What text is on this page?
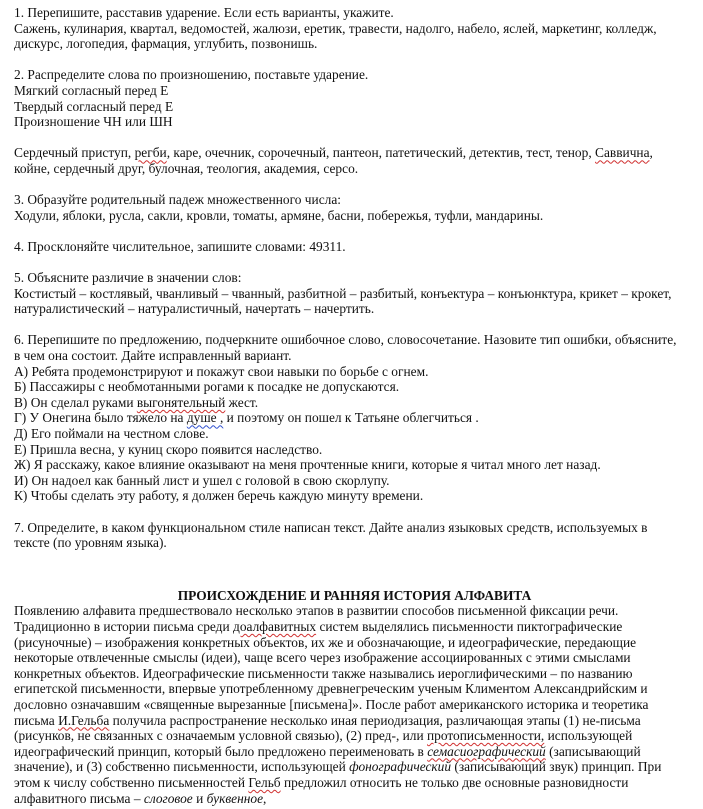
1. Перепишите, расставив ударение. Если есть варианты, укажите.
Сажень, кулинария, квартал, ведомостей, жалюзи, еретик, травести, надолго, набело, яслей, маркетинг, колледж,
дискурс, логопедия, фармация, углубить, позвонишь.
2. Распределите слова по произношению, поставьте ударение.
Мягкий согласный перед Е
Твердый согласный перед Е
Произношение ЧН или ШН
Сердечный приступ, регби, каре, очечник, сорочечный, пантеон, патетический, детектив, тест, тенор, Саввична,
койне, сердечный друг, булочная, теология, академия, серсо.
3. Образуйте родительный падеж множественного числа:
Ходули, яблоки, русла, сакли, кровли, томаты, армяне, басни, побережья, туфли, мандарины.
4. Просклоняйте числительное, запишите словами: 49311.
5. Объясните различие в значении слов:
Костистый – костлявый, чванливый – чванный, разбитной – разбитый, конъектура – конъюнктура, крикет – крокет,
натуралистический – натуралистичный, начертать – начертить.
6. Перепишите по предложению, подчеркните ошибочное слово, словосочетание. Назовите тип ошибки, объясните,
в чем она состоит. Дайте исправленный вариант.
А) Ребята продемонстрируют и покажут свои навыки по борьбе с огнем.
Б) Пассажиры с необмотанными рогами к посадке не допускаются.
В) Он сделал руками выгонятельный жест.
Г) У Онегина было тяжело на душе , и поэтому он пошел к Татьяне облегчиться .
Д) Его поймали на честном слове.
Е) Пришла весна, у куниц скоро появится наследство.
Ж) Я расскажу, какое влияние оказывают на меня прочтенные книги, которые я читал много лет назад.
И) Он надоел как банный лист и ушел с головой в свою скорлупу.
К) Чтобы сделать эту работу, я должен беречь каждую минуту времени.
7. Определите, в каком функциональном стиле написан текст. Дайте анализ языковых средств, используемых в
тексте (по уровням языка).
ПРОИСХОЖДЕНИЕ И РАННЯЯ ИСТОРИЯ АЛФАВИТА
Появлению алфавита предшествовало несколько этапов в развитии способов письменной фиксации речи.
Традиционно в истории письма среди доалфавитных систем выделялись письменности пиктографические
(рисуночные) – изображения конкретных объектов, их же и обозначающие, и идеографические, передающие
некоторые отвлеченные смыслы (идеи), чаще всего через изображение ассоциированных с этими смыслами
конкретных объектов. Идеографические письменности также назывались иероглифическими – по названию
египетской письменности, впервые употребленному древнегреческим ученым Климентом Александрийским и
дословно означавшим «священные вырезанные [письмена]». После работ американского историка и теоретика
письма И.Гельба получила распространение несколько иная периодизация, различающая этапы (1) не-письма
(рисунков, не связанных с означаемым условной связью), (2) пред-, или протописьменности, использующей
идеографический принцип, который было предложено переименовать в семасиографический (записывающий
значение), и (3) собственно письменности, использующей фонографический (записывающий звук) принцип. При
этом к числу собственно письменностей Гельб предложил относить не только две основные разновидности
алфавитного письма – слоговое и буквенное,
